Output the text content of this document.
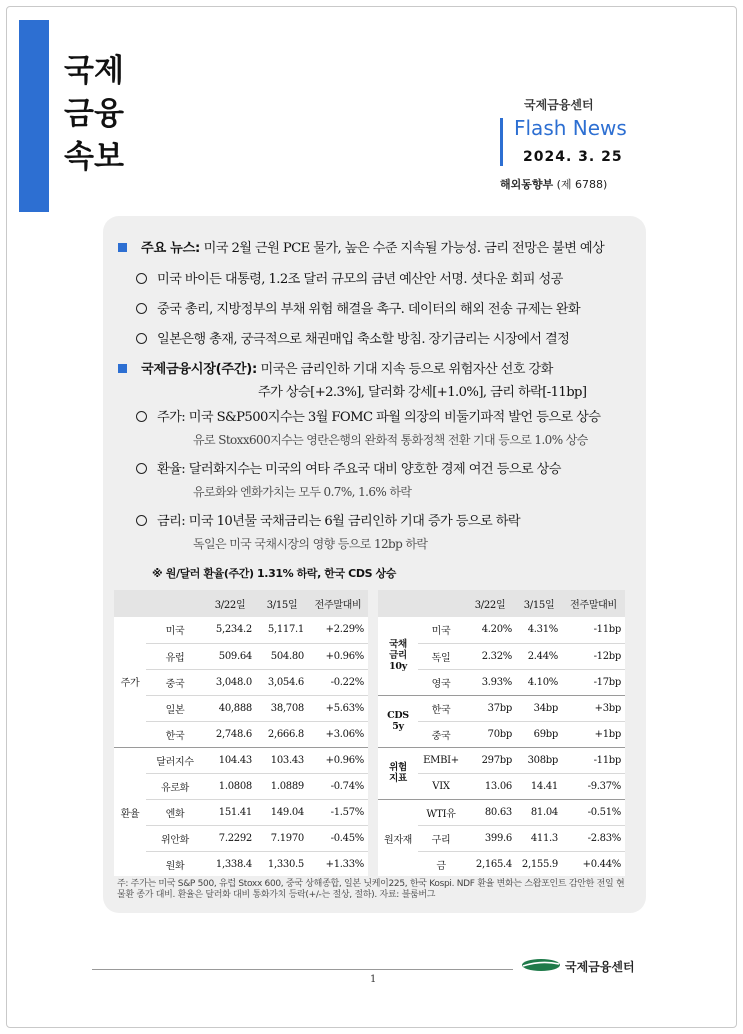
국제
금융
속보
국제금융센터
Flash News
2024. 3. 25
해외동향부 (제 6788)
주요 뉴스: 미국 2월 근원 PCE 물가, 높은 수준 지속될 가능성. 금리 전망은 불변 예상
미국 바이든 대통령, 1.2조 달러 규모의 금년 예산안 서명. 셧다운 회피 성공
중국 총리, 지방정부의 부채 위험 해결을 촉구. 데이터의 해외 전송 규제는 완화
일본은행 총재, 궁극적으로 채권매입 축소할 방침. 장기금리는 시장에서 결정
국제금융시장(주간): 미국은 금리인하 기대 지속 등으로 위험자산 선호 강화
주가 상승[+2.3%], 달러화 강세[+1.0%], 금리 하락[-11bp]
주가: 미국 S&P500지수는 3월 FOMC 파월 의장의 비둘기파적 발언 등으로 상승
유로 Stoxx600지수는 영란은행의 완화적 통화정책 전환 기대 등으로 1.0% 상승
환율: 달러화지수는 미국의 여타 주요국 대비 양호한 경제 여건 등으로 상승
유로화와 엔화가치는 모두 0.7%, 1.6% 하락
금리: 미국 10년물 국채금리는 6월 금리인하 기대 증가 등으로 하락
독일은 미국 국채시장의 영향 등으로 12bp 하락
※ 원/달러 환율(주간) 1.31% 하락, 한국 CDS 상승
		3/22일	3/15일	전주말대비
주가	미국	5,234.2	5,117.1	+2.29%
	유럽	509.64	504.80	+0.96%
	중국	3,048.0	3,054.6	-0.22%
	일본	40,888	38,708	+5.63%
	한국	2,748.6	2,666.8	+3.06%
환율	달러지수	104.43	103.43	+0.96%
	유로화	1.0808	1.0889	-0.74%
	엔화	151.41	149.04	-1.57%
	위안화	7.2292	7.1970	-0.45%
	원화	1,338.4	1,330.5	+1.33%
		3/22일	3/15일	전주말대비
국채 금리 10y	미국	4.20%	4.31%	-11bp
	독일	2.32%	2.44%	-12bp
	영국	3.93%	4.10%	-17bp
CDS 5y	한국	37bp	34bp	+3bp
	중국	70bp	69bp	+1bp
위험 지표	EMBI+	297bp	308bp	-11bp
	VIX	13.06	14.41	-9.37%
원자재	WTI유	80.63	81.04	-0.51%
	구리	399.6	411.3	-2.83%
	금	2,165.4	2,155.9	+0.44%
주: 주가는 미국 S&P 500, 유럽 Stoxx 600, 중국 상해종합, 일본 닛케이225, 한국 Kospi. NDF 환율 변화는 스왑포인트 감안한 전일 현물환 종가 대비. 환율은 달러화 대비 통화가치 등락(+/-는 절상, 절하). 자료: 블룸버그
1
국제금융센터
